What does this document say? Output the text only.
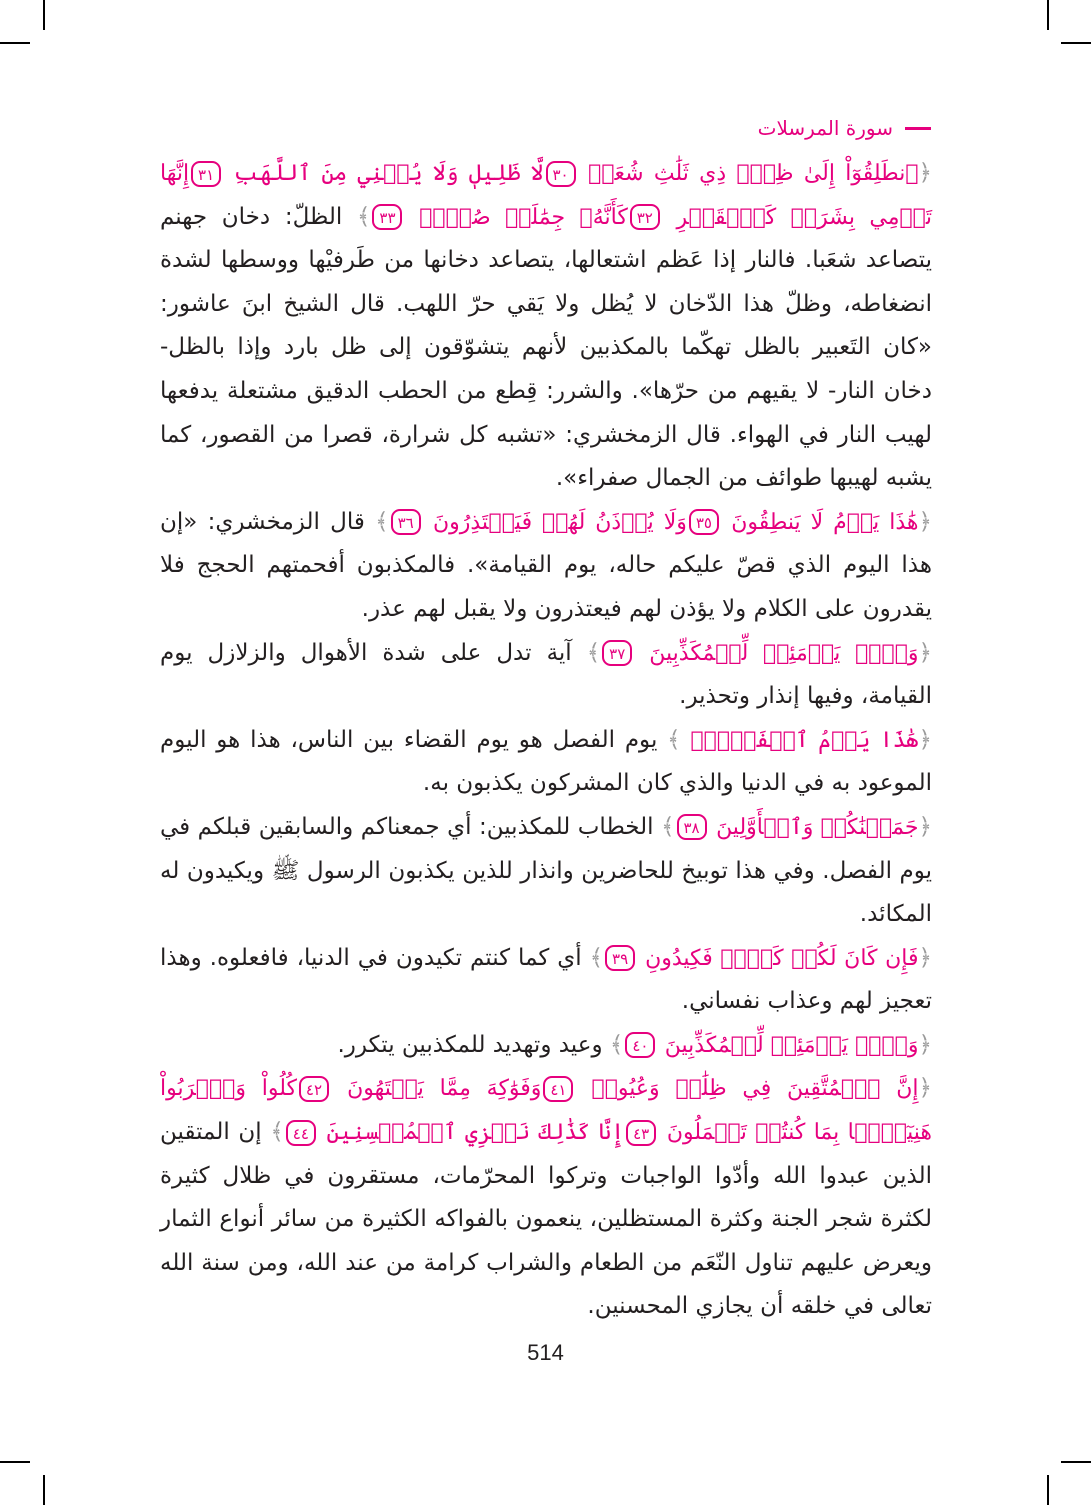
سورة المرسلات

﴿ٱنطَلِقُوٓاْ إِلَىٰ ظِلّٖ ذِي ثَلَٰثِ شُعَبٖ ٣٠لَّا ظَلِيلٖ وَلَا يُغۡنِي مِنَ ٱللَّهَبِ ٣١إِنَّهَا تَرۡمِي بِشَرَرٖ كَٱلۡقَصۡرِ ٣٢كَأَنَّهُۥ جِمَٰلَتٞ صُفۡرٞ ٣٣﴾ الظلّ: دخان جهنم يتصاعد شعَبا. فالنار إذا عَظم اشتعالها، يتصاعد دخانها من طَرفيْها ووسطها لشدة انضغاطه، وظلّ هذا الدّخان لا يُظل ولا يَقي حرّ اللهب. قال الشيخ ابنَ عاشور: «كان التَعبير بالظل تهكّما بالمكذبين لأنهم يتشوّقون إلى ظل بارد وإذا بالظل- دخان النار- لا يقيهم من حرّها». والشرر: قِطع من الحطب الدقيق مشتعلة يدفعها لهيب النار في الهواء. قال الزمخشري: «تشبه كل شرارة، قصرا من القصور، كما يشبه لهيبها طوائف من الجمال صفراء».

﴿هَٰذَا يَوۡمُ لَا يَنطِقُونَ ٣٥وَلَا يُؤۡذَنُ لَهُمۡ فَيَعۡتَذِرُونَ ٣٦﴾ قال الزمخشري: «إن هذا اليوم الذي قصّ عليكم حاله، يوم القيامة». فالمكذبون أفحمتهم الحجج فلا يقدرون على الكلام ولا يؤذن لهم فيعتذرون ولا يقبل لهم عذر.

﴿وَيۡلٞ يَوۡمَئِذٖ لِّلۡمُكَذِّبِينَ ٣٧﴾ آية تدل على شدة الأهوال والزلازل يوم القيامة، وفيها إنذار وتحذير.

﴿هَٰذَا يَوۡمُ ٱلۡفَصۡلِۖ ﴾ يوم الفصل هو يوم القضاء بين الناس، هذا هو اليوم الموعود به في الدنيا والذي كان المشركون يكذبون به.

﴿جَمَعۡنَٰكُمۡ وَٱلۡأَوَّلِينَ ٣٨﴾ الخطاب للمكذبين: أي جمعناكم والسابقين قبلكم في يوم الفصل. وفي هذا توبيخ للحاضرين وانذار للذين يكذبون الرسول ﷺ ويكيدون له المكائد.

﴿فَإِن كَانَ لَكُمۡ كَيۡدٞ فَكِيدُونِ ٣٩﴾ أي كما كنتم تكيدون في الدنيا، فافعلوه. وهذا تعجيز لهم وعذاب نفساني.

﴿وَيۡلٞ يَوۡمَئِذٖ لِّلۡمُكَذِّبِينَ ٤٠﴾ وعيد وتهديد للمكذبين يتكرر.

﴿إِنَّ ٱلۡمُتَّقِينَ فِي ظِلَٰلٖ وَعُيُونٖ ٤١وَفَوَٰكِهَ مِمَّا يَشۡتَهُونَ ٤٢كُلُواْ وَٱشۡرَبُواْ هَنِيٓـَٔۢا بِمَا كُنتُمۡ تَعۡمَلُونَ ٤٣إِنَّا كَذَٰلِكَ نَجۡزِي ٱلۡمُحۡسِنِينَ ٤٤﴾ إن المتقين الذين عبدوا الله وأدّوا الواجبات وتركوا المحرّمات، مستقرون في ظلال كثيرة لكثرة شجر الجنة وكثرة المستظلين، ينعمون بالفواكه الكثيرة من سائر أنواع الثمار ويعرض عليهم تناول النّعَم من الطعام والشراب كرامة من عند الله، ومن سنة الله تعالى في خلقه أن يجازي المحسنين.

514
